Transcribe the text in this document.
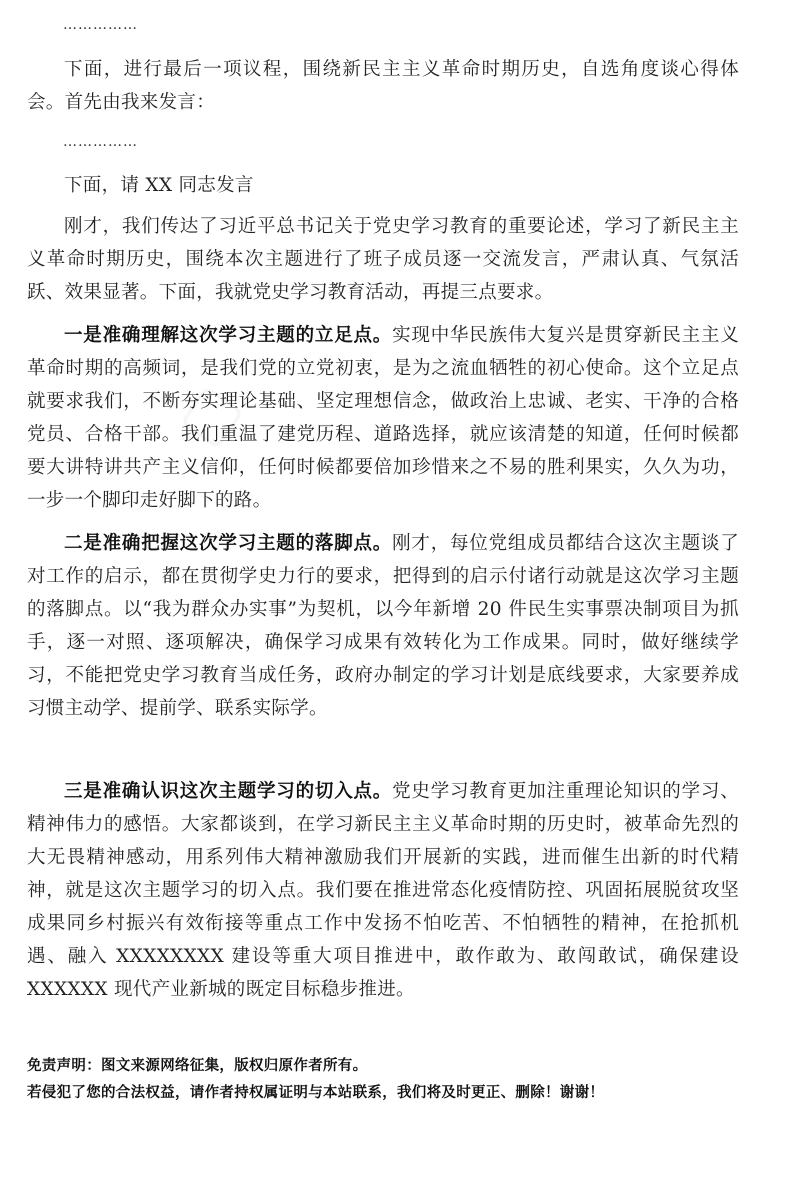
……………

下面，进行最后一项议程，围绕新民主主义革命时期历史，自选角度谈心得体会。首先由我来发言：

……………

下面，请 XX 同志发言

刚才，我们传达了习近平总书记关于党史学习教育的重要论述，学习了新民主主义革命时期历史，围绕本次主题进行了班子成员逐一交流发言，严肃认真、气氛活跃、效果显著。下面，我就党史学习教育活动，再提三点要求。

一是准确理解这次学习主题的立足点。实现中华民族伟大复兴是贯穿新民主主义革命时期的高频词，是我们党的立党初衷，是为之流血牺牲的初心使命。这个立足点就要求我们，不断夯实理论基础、坚定理想信念，做政治上忠诚、老实、干净的合格党员、合格干部。我们重温了建党历程、道路选择，就应该清楚的知道，任何时候都要大讲特讲共产主义信仰，任何时候都要倍加珍惜来之不易的胜利果实，久久为功，一步一个脚印走好脚下的路。

二是准确把握这次学习主题的落脚点。刚才，每位党组成员都结合这次主题谈了对工作的启示，都在贯彻学史力行的要求，把得到的启示付诸行动就是这次学习主题的落脚点。以“我为群众办实事”为契机，以今年新增 20 件民生实事票决制项目为抓手，逐一对照、逐项解决，确保学习成果有效转化为工作成果。同时，做好继续学习，不能把党史学习教育当成任务，政府办制定的学习计划是底线要求，大家要养成习惯主动学、提前学、联系实际学。

三是准确认识这次主题学习的切入点。党史学习教育更加注重理论知识的学习、精神伟力的感悟。大家都谈到，在学习新民主主义革命时期的历史时，被革命先烈的大无畏精神感动，用系列伟大精神激励我们开展新的实践，进而催生出新的时代精神，就是这次主题学习的切入点。我们要在推进常态化疫情防控、巩固拓展脱贫攻坚成果同乡村振兴有效衔接等重点工作中发扬不怕吃苦、不怕牺牲的精神，在抢抓机遇、融入 XXXXXXXX 建设等重大项目推进中，敢作敢为、敢闯敢试，确保建设 XXXXXX 现代产业新城的既定目标稳步推进。

免责声明：图文来源网络征集，版权归原作者所有。
若侵犯了您的合法权益，请作者持权属证明与本站联系，我们将及时更正、删除！谢谢！
